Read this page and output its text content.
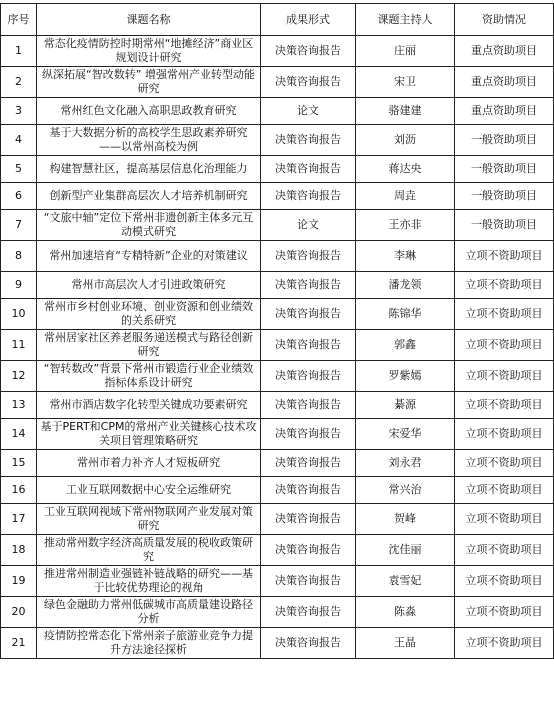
序号	课题名称	成果形式	课题主持人	资助情况
1	常态化疫情防控时期常州“地摊经济”商业区规划设计研究	决策咨询报告	庄丽	重点资助项目
2	纵深拓展“智改数转” 增强常州产业转型动能研究	决策咨询报告	宋卫	重点资助项目
3	常州红色文化融入高职思政教育研究	论文	骆建建	重点资助项目
4	基于大数据分析的高校学生思政素养研究——以常州高校为例	决策咨询报告	刘沥	一般资助项目
5	构建智慧社区，提高基层信息化治理能力	决策咨询报告	蒋达央	一般资助项目
6	创新型产业集群高层次人才培养机制研究	决策咨询报告	周垚	一般资助项目
7	“文旅中轴”定位下常州非遗创新主体多元互动模式研究	论文	王亦非	一般资助项目
8	常州加速培育“专精特新”企业的对策建议	决策咨询报告	李琳	立项不资助项目
9	常州市高层次人才引进政策研究	决策咨询报告	潘龙领	立项不资助项目
10	常州市乡村创业环境、创业资源和创业绩效的关系研究	决策咨询报告	陈锦华	立项不资助项目
11	常州居家社区养老服务递送模式与路径创新研究	决策咨询报告	郭鑫	立项不资助项目
12	“智转数改”背景下常州市锻造行业企业绩效指标体系设计研究	决策咨询报告	罗紫嫣	立项不资助项目
13	常州市酒店数字化转型关键成功要素研究	决策咨询报告	綦源	立项不资助项目
14	基于PERT和CPM的常州产业关键核心技术攻关项目管理策略研究	决策咨询报告	宋爱华	立项不资助项目
15	常州市着力补齐人才短板研究	决策咨询报告	刘永君	立项不资助项目
16	工业互联网数据中心安全运维研究	决策咨询报告	常兴治	立项不资助项目
17	工业互联网视域下常州物联网产业发展对策研究	决策咨询报告	贺峰	立项不资助项目
18	推动常州数字经济高质量发展的税收政策研究	决策咨询报告	沈佳丽	立项不资助项目
19	推进常州制造业强链补链战略的研究——基于比较优势理论的视角	决策咨询报告	袁雪妃	立项不资助项目
20	绿色金融助力常州低碳城市高质量建设路径分析	决策咨询报告	陈淼	立项不资助项目
21	疫情防控常态化下常州亲子旅游业竞争力提升方法途径探析	决策咨询报告	王晶	立项不资助项目
